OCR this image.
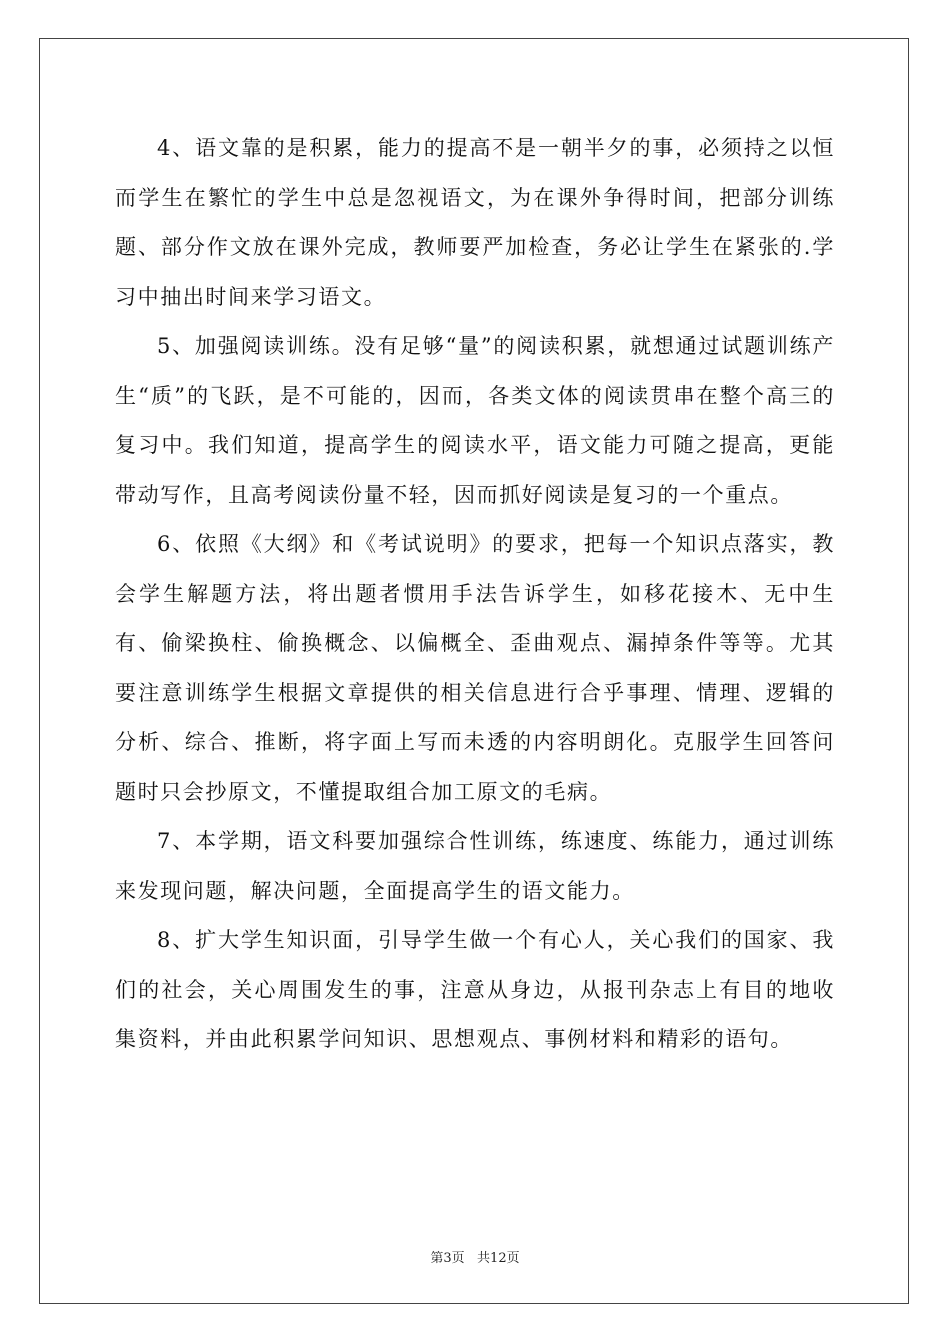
4、语文靠的是积累，能力的提高不是一朝半夕的事，必须持之以恒而学生在繁忙的学生中总是忽视语文，为在课外争得时间，把部分训练题、部分作文放在课外完成，教师要严加检查，务必让学生在紧张的.学习中抽出时间来学习语文。

5、加强阅读训练。没有足够“量”的阅读积累，就想通过试题训练产生“质”的飞跃，是不可能的，因而，各类文体的阅读贯串在整个高三的复习中。我们知道，提高学生的阅读水平，语文能力可随之提高，更能带动写作，且高考阅读份量不轻，因而抓好阅读是复习的一个重点。

6、依照《大纲》和《考试说明》的要求，把每一个知识点落实，教会学生解题方法，将出题者惯用手法告诉学生，如移花接木、无中生有、偷梁换柱、偷换概念、以偏概全、歪曲观点、漏掉条件等等。尤其要注意训练学生根据文章提供的相关信息进行合乎事理、情理、逻辑的分析、综合、推断，将字面上写而未透的内容明朗化。克服学生回答问题时只会抄原文，不懂提取组合加工原文的毛病。

7、本学期，语文科要加强综合性训练，练速度、练能力，通过训练来发现问题，解决问题，全面提高学生的语文能力。

8、扩大学生知识面，引导学生做一个有心人，关心我们的国家、我们的社会，关心周围发生的事，注意从身边，从报刊杂志上有目的地收集资料，并由此积累学问知识、思想观点、事例材料和精彩的语句。

第3页   共12页
